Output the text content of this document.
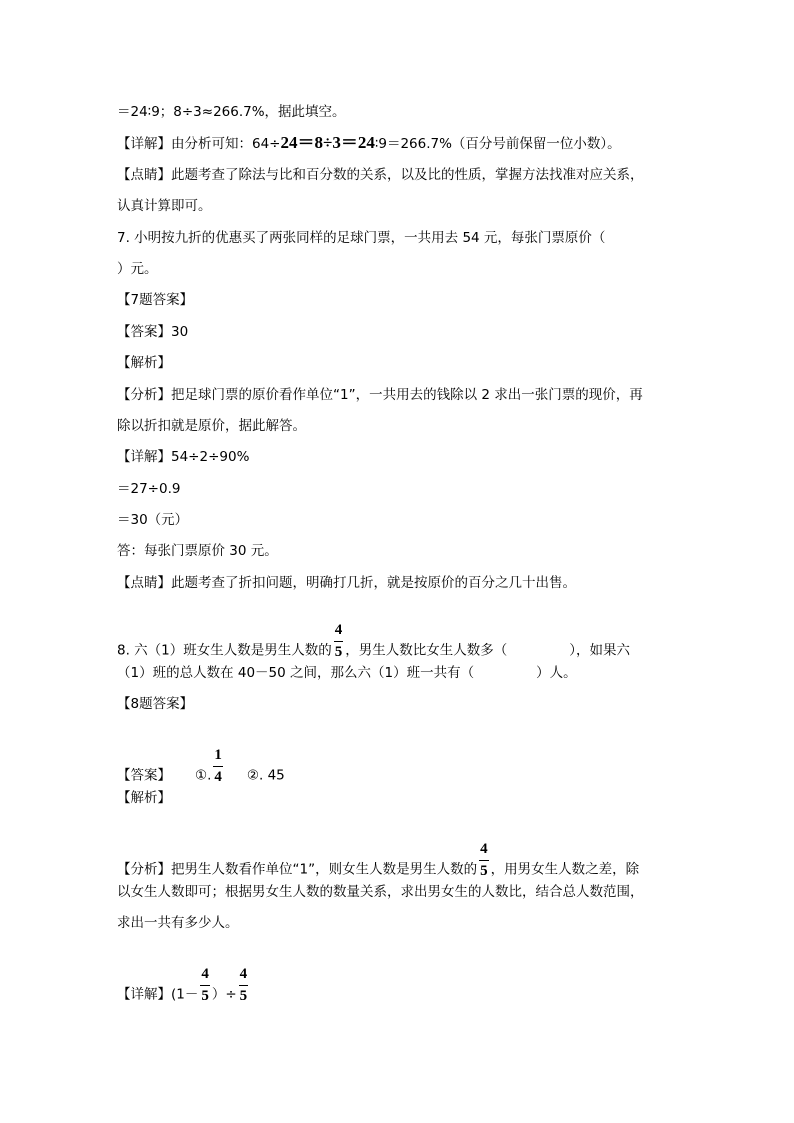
＝24∶9；8÷3≈266.7%，据此填空。
【详解】由分析可知：64÷24＝8÷3＝24∶9＝266.7%（百分号前保留一位小数）。
【点睛】此题考查了除法与比和百分数的关系，以及比的性质，掌握方法找准对应关系，
认真计算即可。
7. 小明按九折的优惠买了两张同样的足球门票，一共用去 54 元，每张门票原价（
）元。
【7题答案】
【答案】30
【解析】
【分析】把足球门票的原价看作单位“1”，一共用去的钱除以 2 求出一张门票的现价，再
除以折扣就是原价，据此解答。
【详解】54÷2÷90%
＝27÷0.9
＝30（元）
答：每张门票原价 30 元。
【点睛】此题考查了折扣问题，明确打几折，就是按原价的百分之几十出售。
8. 六（1）班女生人数是男生人数的 $\frac{4}{5}$ ，男生人数比女生人数多（	），如果六
（1）班的总人数在 40－50 之间，那么六（1）班一共有（	）人。
【8题答案】
【答案】 ①. $\frac{1}{4}$ ②. 45
【解析】
【分析】把男生人数看作单位“1”，则女生人数是男生人数的 $\frac{4}{5}$ ，用男女生人数之差，除
以女生人数即可；根据男女生人数的数量关系，求出男女生的人数比，结合总人数范围，
求出一共有多少人。
【详解】($1- \frac{4}{5}$ ）÷ $\frac{4}{5}$
